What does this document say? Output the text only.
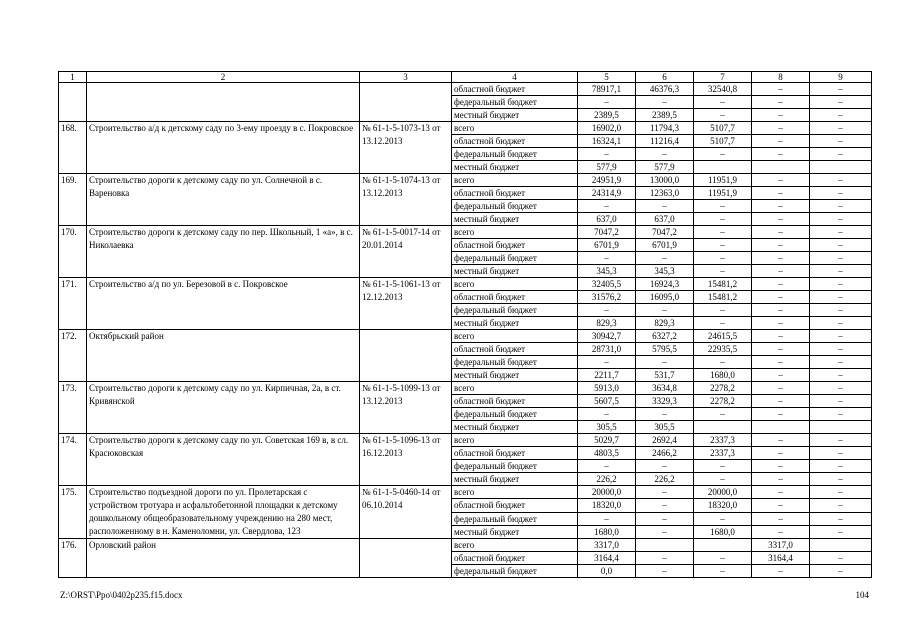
1	2	3	4	5	6	7	8	9
			областной бюджет	78917,1	46376,3	32540,8	–	–
			федеральный бюджет	–	–	–	–	–
			местный бюджет	2389,5	2389,5	–	–	–
168.	Строительство а/д к детскому саду по 3-ему проезду в с. Покровское	№ 61-1-5-1073-13 от 13.12.2013	всего	16902,0	11794,3	5107,7	–	–
			областной бюджет	16324,1	11216,4	5107,7	–	–
			федеральный бюджет	–	–	–	–	–
			местный бюджет	577,9	577,9			
169.	Строительство дороги к детскому саду по ул. Солнечной в с. Вареновка	№ 61-1-5-1074-13 от 13.12.2013	всего	24951,9	13000,0	11951,9	–	–
			областной бюджет	24314,9	12363,0	11951,9	–	–
			федеральный бюджет	–	–	–	–	–
			местный бюджет	637,0	637,0	–	–	–
170.	Строительство дороги к детскому саду по пер. Школьный, 1 «а», в с. Николаевка	№ 61-1-5-0017-14 от 20.01.2014	всего	7047,2	7047,2	–	–	–
			областной бюджет	6701,9	6701,9	–	–	–
			федеральный бюджет	–	–	–	–	–
			местный бюджет	345,3	345,3	–	–	–
171.	Строительство а/д по ул. Березовой в с. Покровское	№ 61-1-5-1061-13 от 12.12.2013	всего	32405,5	16924,3	15481,2	–	–
			областной бюджет	31576,2	16095,0	15481,2	–	–
			федеральный бюджет	–	–	–	–	–
			местный бюджет	829,3	829,3	–	–	–
172.	Октябрьский район		всего	30942,7	6327,2	24615,5	–	–
			областной бюджет	28731,0	5795,5	22935,5	–	–
			федеральный бюджет	–	–	–	–	–
			местный бюджет	2211,7	531,7	1680,0	–	–
173.	Строительство дороги к детскому саду по ул. Кирпичная, 2а, в ст. Кривянской	№ 61-1-5-1099-13 от 13.12.2013	всего	5913,0	3634,8	2278,2	–	–
			областной бюджет	5607,5	3329,3	2278,2	–	–
			федеральный бюджет	–	–	–	–	–
			местный бюджет	305,5	305,5			
174.	Строительство дороги к детскому саду по ул. Советская 169 в, в сл. Красюковская	№ 61-1-5-1096-13 от 16.12.2013	всего	5029,7	2692,4	2337,3	–	–
			областной бюджет	4803,5	2466,2	2337,3	–	–
			федеральный бюджет	–	–	–	–	–
			местный бюджет	226,2	226,2	–	–	–
175.	Строительство подъездной дороги по ул. Пролетарская с устройством тротуара и асфальтобетонной площадки к детскому дошкольному общеобразовательному учреждению на 280 мест, расположенному в н. Каменоломни, ул. Свердлова, 123	№ 61-1-5-0460-14 от 06.10.2014	всего	20000,0	–	20000,0	–	–
			областной бюджет	18320,0	–	18320,0	–	–
			федеральный бюджет	–	–	–	–	–
			местный бюджет	1680,0	–	1680,0	–	–
176.	Орловский район		всего	3317,0			3317,0	
			областной бюджет	3164,4	–	–	3164,4	–
			федеральный бюджет	0,0	–	–	–	–
Z:\ORST\Ppo\0402p235.f15.docx	104
